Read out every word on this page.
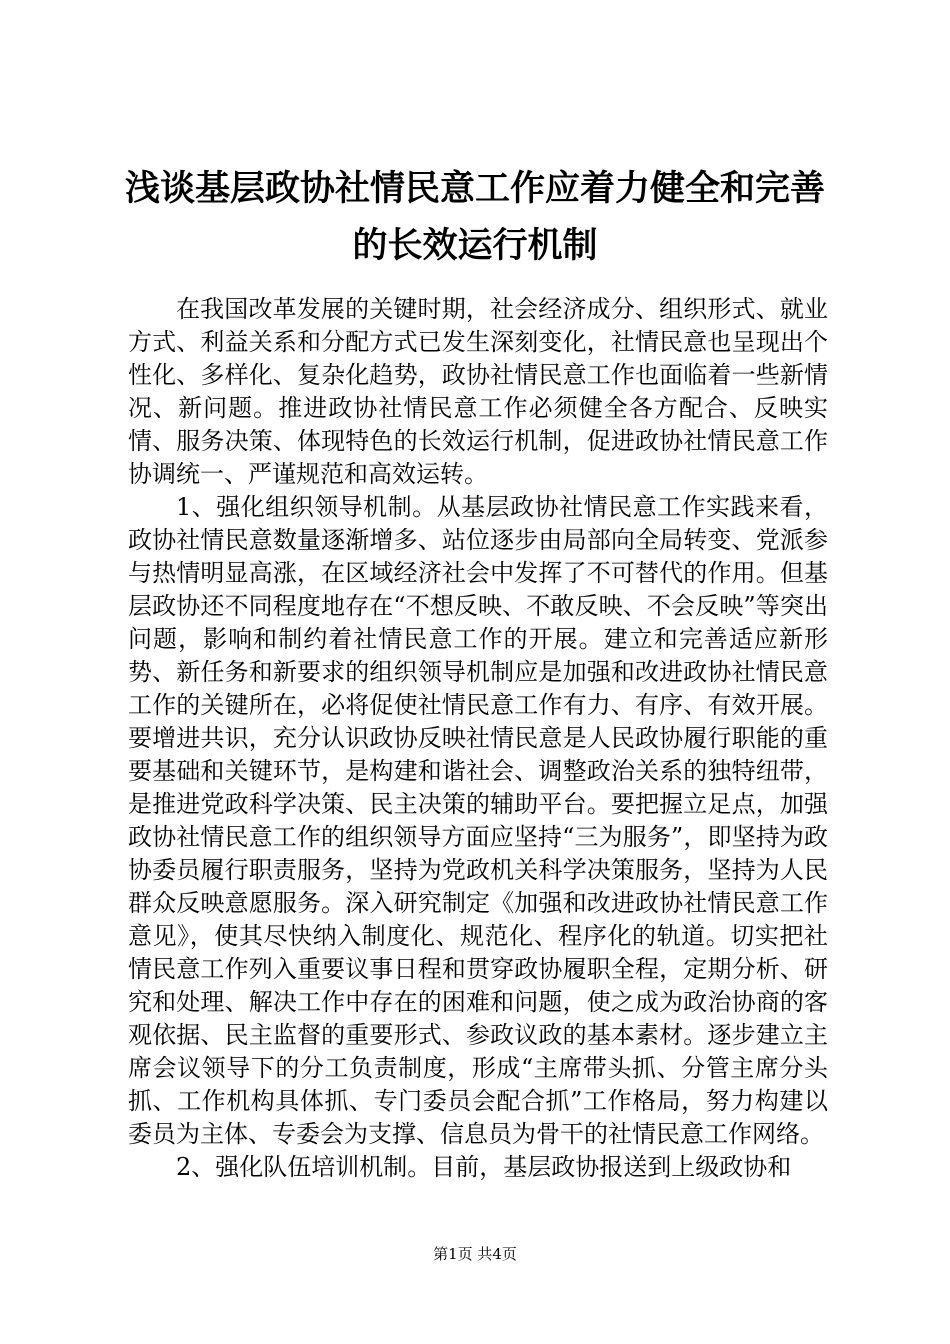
浅谈基层政协社情民意工作应着力健全和完善
的长效运行机制

在我国改革发展的关键时期，社会经济成分、组织形式、就业方式、利益关系和分配方式已发生深刻变化，社情民意也呈现出个性化、多样化、复杂化趋势，政协社情民意工作也面临着一些新情况、新问题。推进政协社情民意工作必须健全各方配合、反映实情、服务决策、体现特色的长效运行机制，促进政协社情民意工作协调统一、严谨规范和高效运转。

1、强化组织领导机制。从基层政协社情民意工作实践来看，政协社情民意数量逐渐增多、站位逐步由局部向全局转变、党派参与热情明显高涨，在区域经济社会中发挥了不可替代的作用。但基层政协还不同程度地存在“不想反映、不敢反映、不会反映”等突出问题，影响和制约着社情民意工作的开展。建立和完善适应新形势、新任务和新要求的组织领导机制应是加强和改进政协社情民意工作的关键所在，必将促使社情民意工作有力、有序、有效开展。要增进共识，充分认识政协反映社情民意是人民政协履行职能的重要基础和关键环节，是构建和谐社会、调整政治关系的独特纽带，是推进党政科学决策、民主决策的辅助平台。要把握立足点，加强政协社情民意工作的组织领导方面应坚持“三为服务”，即坚持为政协委员履行职责服务，坚持为党政机关科学决策服务，坚持为人民群众反映意愿服务。深入研究制定《加强和改进政协社情民意工作意见》，使其尽快纳入制度化、规范化、程序化的轨道。切实把社情民意工作列入重要议事日程和贯穿政协履职全程，定期分析、研究和处理、解决工作中存在的困难和问题，使之成为政治协商的客观依据、民主监督的重要形式、参政议政的基本素材。逐步建立主席会议领导下的分工负责制度，形成“主席带头抓、分管主席分头抓、工作机构具体抓、专门委员会配合抓”工作格局，努力构建以委员为主体、专委会为支撑、信息员为骨干的社情民意工作网络。

2、强化队伍培训机制。目前，基层政协报送到上级政协和

第1页 共4页
